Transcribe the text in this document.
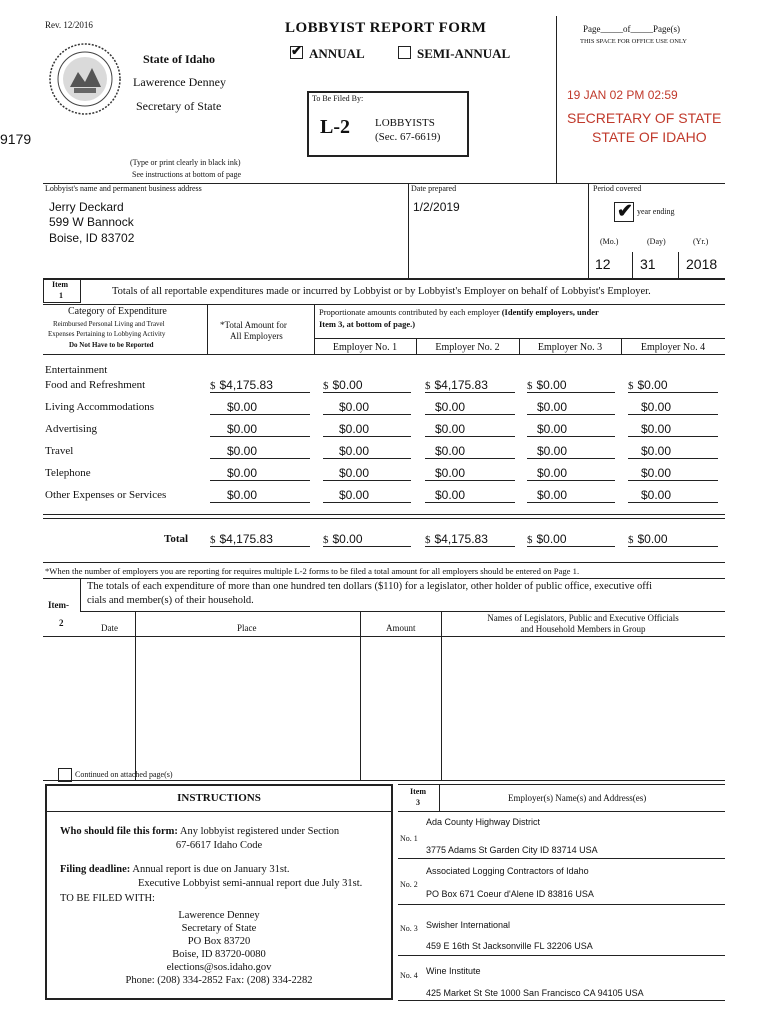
Rev. 12/2016	LOBBYIST REPORT FORM
✔ ANNUAL	SEMI-ANNUAL
State of Idaho
Lawerence Denney
Secretary of State
9179
To Be Filed By:
L-2 LOBBYISTS
(Sec. 67-6619)
Page_____of_____Page(s)
THIS SPACE FOR OFFICE USE ONLY
19 JAN 02 PM 02:59
SECRETARY OF STATE
STATE OF IDAHO
(Type or print clearly in black ink)
See instructions at bottom of page
Lobbyist's name and permanent business address
Jerry Deckard
599 W Bannock
Boise, ID 83702
Date prepared
1/2/2019
Period covered
✔ year ending
(Mo.)	(Day)	(Yr.)
12 31 2018
Item
1	Totals of all reportable expenditures made or incurred by Lobbyist or by Lobbyist's Employer on behalf of Lobbyist's Employer.
Category of Expenditure
Reimbursed Personal Living and Travel
Expenses Pertaining to Lobbying Activity
Do Not Have to be Reported
*Total Amount for
All Employers
Proportionate amounts contributed by each employer (Identify employers, under
Item 3, at bottom of page.)
Employer No. 1	Employer No. 2	Employer No. 3	Employer No. 4
Entertainment
Food and Refreshment	$ $4,175.83	$ $0.00	$ $4,175.83	$ $0.00	$ $0.00
Living Accommodations	$0.00	$0.00	$0.00	$0.00	$0.00
Advertising	$0.00	$0.00	$0.00	$0.00	$0.00
Travel	$0.00	$0.00	$0.00	$0.00	$0.00
Telephone	$0.00	$0.00	$0.00	$0.00	$0.00
Other Expenses or Services	$0.00	$0.00	$0.00	$0.00	$0.00
Total $ $4,175.83	$ $0.00	$ $4,175.83	$ $0.00	$ $0.00
*When the number of employers you are reporting for requires multiple L-2 forms to be filed a total amount for all employers should be entered on Page 1.
Item-
2
The totals of each expenditure of more than one hundred ten dollars ($110) for a legislator, other holder of public office, executive offi
cials and member(s) of their household.
Date	Place	Amount
Names of Legislators, Public and Executive Officials
and Household Members in Group
Continued on attached page(s)
INSTRUCTIONS
Who should file this form: Any lobbyist registered under Section
67-6617 Idaho Code
Filing deadline: Annual report is due on January 31st.
Executive Lobbyist semi-annual report due July 31st.
TO BE FILED WITH:
Lawerence Denney
Secretary of State
PO Box 83720
Boise, ID 83720-0080
elections@sos.idaho.gov
Phone: (208) 334-2852 Fax: (208) 334-2282
Item
3	Employer(s) Name(s) and Address(es)
No. 1
Ada County Highway District
3775 Adams St Garden City ID 83714 USA
No. 2
Associated Logging Contractors of Idaho
PO Box 671 Coeur d'Alene ID 83816 USA
No. 3 Swisher International
459 E 16th St Jacksonville FL 32206 USA
No. 4 Wine Institute
425 Market St Ste 1000 San Francisco CA 94105 USA
